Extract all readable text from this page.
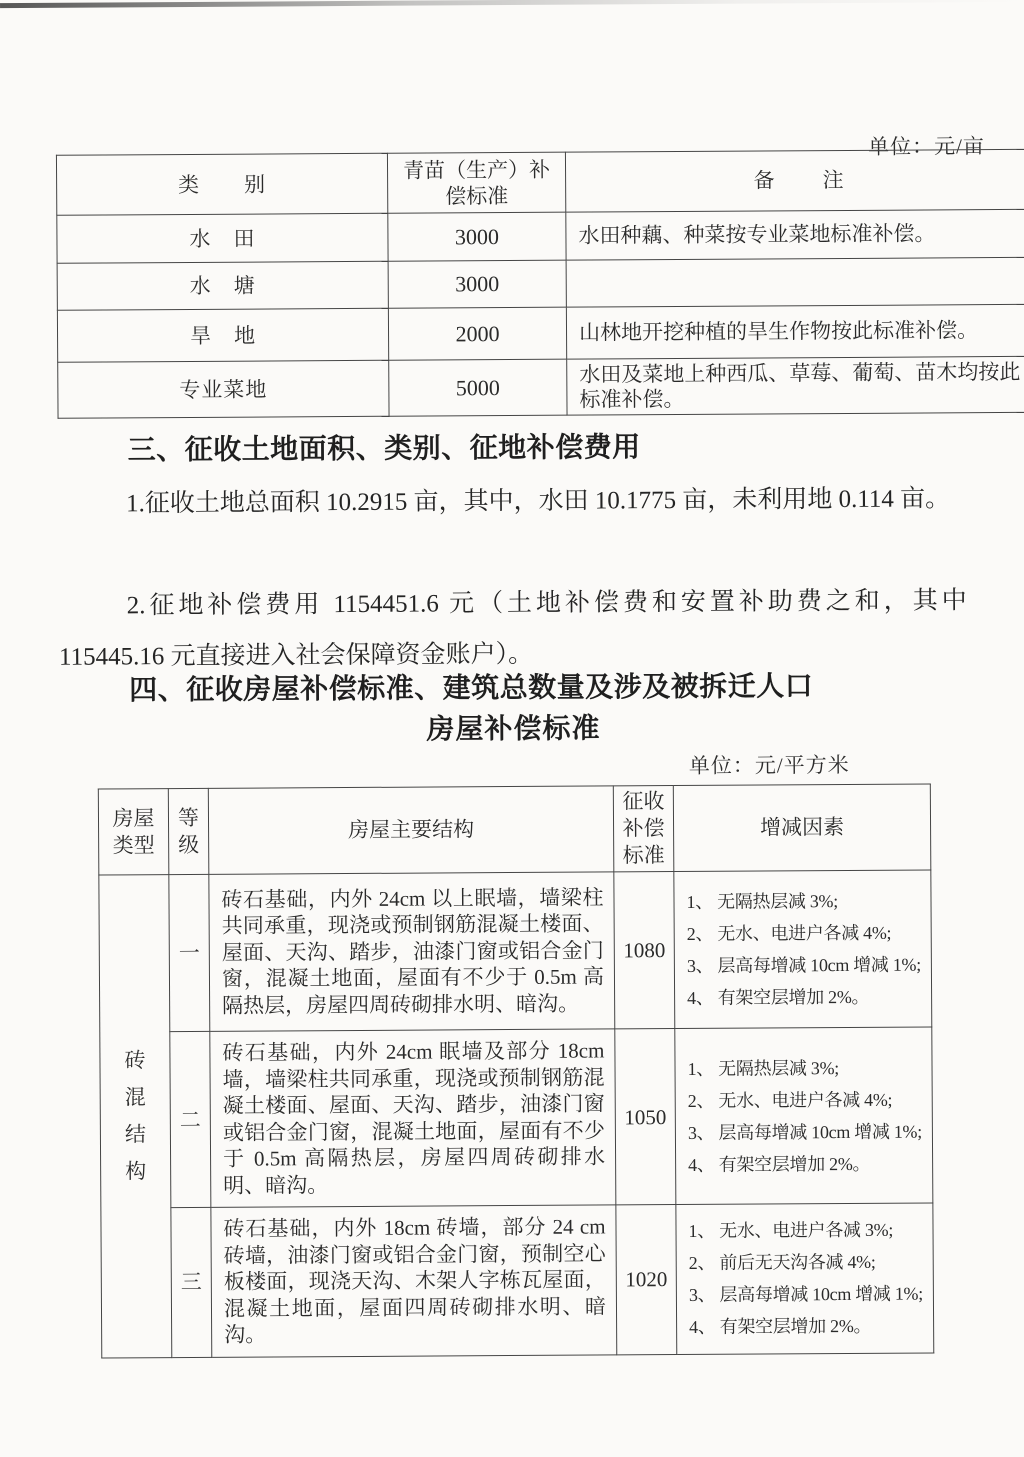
单位：元/亩
类　　别	青苗（生产）补偿标准	备　　注
水　田	3000	水田种藕、种菜按专业菜地标准补偿。
水　塘	3000	
旱　地	2000	山林地开挖种植的旱生作物按此标准补偿。
专业菜地	5000	水田及菜地上种西瓜、草莓、葡萄、苗木均按此标准补偿。
三、征收土地面积、类别、征地补偿费用

1.征收土地总面积 10.2915 亩，其中，水田 10.1775 亩，未利用地 0.114 亩。

2.征地补偿费用 1154451.6 元（土地补偿费和安置补助费之和，其中 115445.16 元直接进入社会保障资金账户）。

四、征收房屋补偿标准、建筑总数量及涉及被拆迁人口
房屋补偿标准
单位：元/平方米
房屋类型	等级	房屋主要结构	征收补偿标准	增减因素
砖混结构	一	砖石基础，内外 24cm 以上眠墙，墙梁柱共同承重，现浇或预制钢筋混凝土楼面、屋面、天沟、踏步，油漆门窗或铝合金门窗，混凝土地面，屋面有不少于 0.5m 高隔热层，房屋四周砖砌排水明、暗沟。	1080	1、 无隔热层减 3%;
2、 无水、电进户各减 4%;
3、 层高每增减 10cm 增减 1%;
4、 有架空层增加 2%。

	二	砖石基础，内外 24cm 眠墙及部分 18cm 墙，墙梁柱共同承重，现浇或预制钢筋混凝土楼面、屋面、天沟、踏步，油漆门窗或铝合金门窗，混凝土地面，屋面有不少于 0.5m 高隔热层，房屋四周砖砌排水明、暗沟。	1050	1、 无隔热层减 3%;
2、 无水、电进户各减 4%;
3、 层高每增减 10cm 增减 1%;
4、 有架空层增加 2%。

	三	砖石基础，内外 18cm 砖墙，部分 24 cm 砖墙，油漆门窗或铝合金门窗，预制空心板楼面，现浇天沟、木架人字栋瓦屋面，混凝土地面，屋面四周砖砌排水明、暗沟。	1020	1、 无水、电进户各减 3%;
2、 前后无天沟各减 4%;
3、 层高每增减 10cm 增减 1%;
4、 有架空层增加 2%。
